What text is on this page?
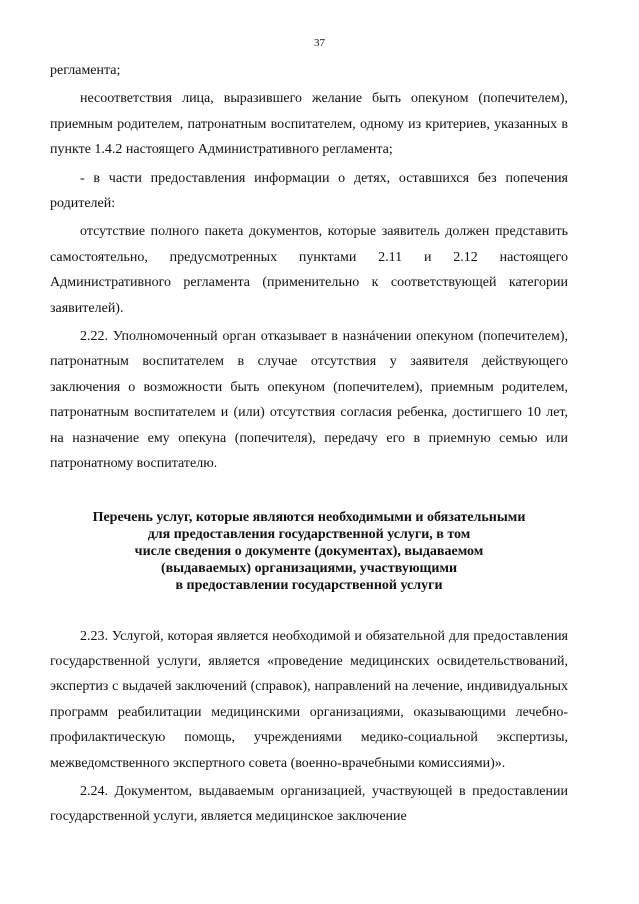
37

регламента;

несоответствия лица, выразившего желание быть опекуном (попечителем), приемным родителем, патронатным воспитателем, одному из критериев, указанных в пункте 1.4.2 настоящего Административного регламента;

- в части предоставления информации о детях, оставшихся без попечения родителей:

отсутствие полного пакета документов, которые заявитель должен представить самостоятельно, предусмотренных пунктами 2.11 и 2.12 настоящего Административного регламента (применительно к соответствующей категории заявителей).

2.22. Уполномоченный орган отказывает в назнáчении опекуном (попечителем), патронатным воспитателем в случае отсутствия у заявителя действующего заключения о возможности быть опекуном (попечителем), приемным родителем, патронатным воспитателем и (или) отсутствия согласия ребенка, достигшего 10 лет, на назначение ему опекуна (попечителя), передачу его в приемную семью или патронатному воспитателю.

Перечень услуг, которые являются необходимыми и обязательными
для предоставления государственной услуги, в том
числе сведения о документе (документах), выдаваемом
(выдаваемых) организациями, участвующими
в предоставлении государственной услуги

2.23. Услугой, которая является необходимой и обязательной для предоставления государственной услуги, является «проведение медицинских освидетельствований, экспертиз с выдачей заключений (справок), направлений на лечение, индивидуальных программ реабилитации медицинскими организациями, оказывающими лечебно-профилактическую помощь, учреждениями медико-социальной экспертизы, межведомственного экспертного совета (военно-врачебными комиссиями)».

2.24. Документом, выдаваемым организацией, участвующей в предоставлении государственной услуги, является медицинское заключение
